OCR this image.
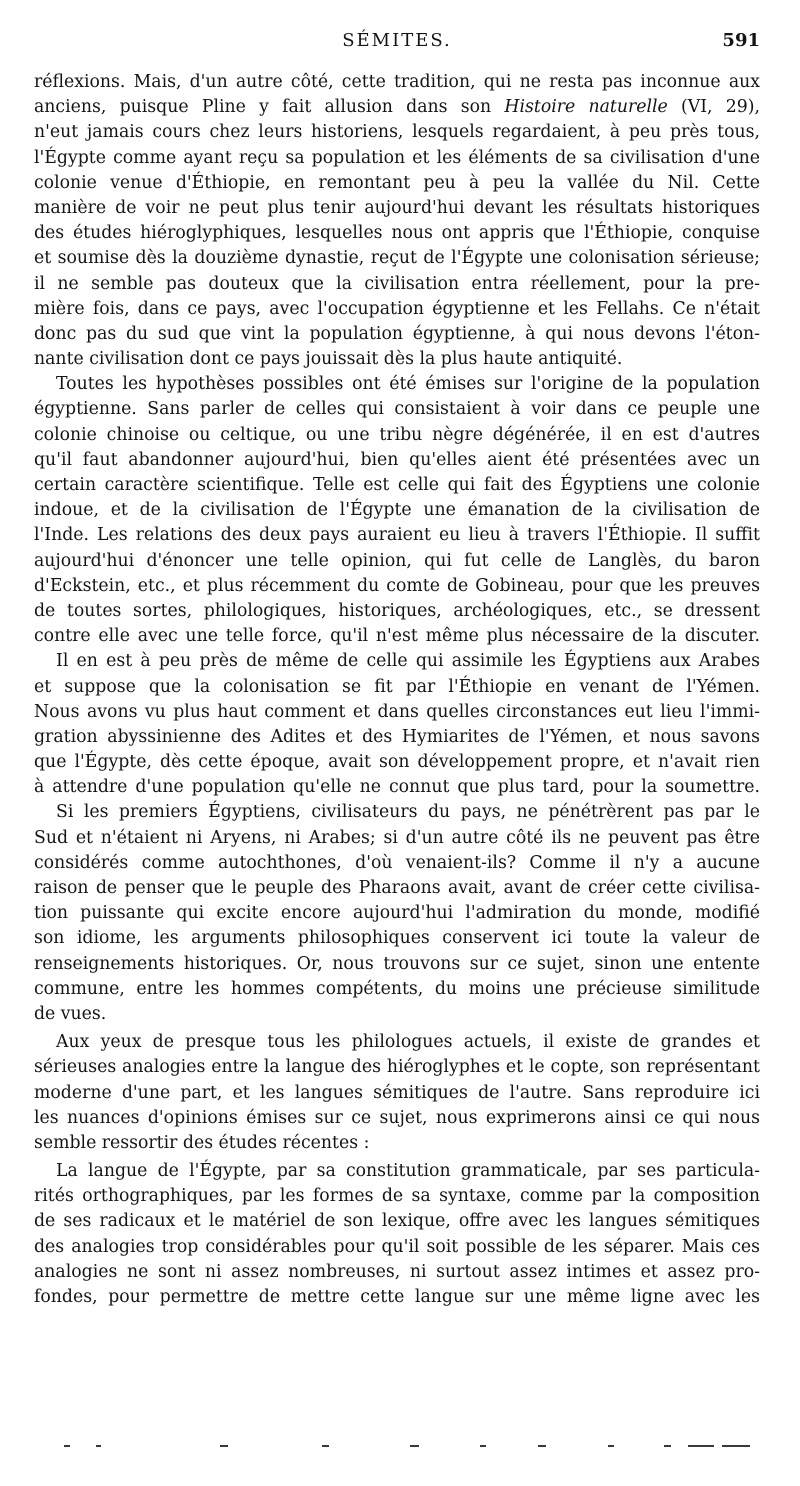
SÉMITES.	591
réflexions. Mais, d'un autre côté, cette tradition, qui ne resta pas inconnue aux
anciens, puisque Pline y fait allusion dans son Histoire naturelle (VI, 29),
n'eut jamais cours chez leurs historiens, lesquels regardaient, à peu près tous,
l'Égypte comme ayant reçu sa population et les éléments de sa civilisation d'une
colonie venue d'Éthiopie, en remontant peu à peu la vallée du Nil. Cette
manière de voir ne peut plus tenir aujourd'hui devant les résultats historiques
des études hiéroglyphiques, lesquelles nous ont appris que l'Éthiopie, conquise
et soumise dès la douzième dynastie, reçut de l'Égypte une colonisation sérieuse;
il ne semble pas douteux que la civilisation entra réellement, pour la pre-
mière fois, dans ce pays, avec l'occupation égyptienne et les Fellahs. Ce n'était
donc pas du sud que vint la population égyptienne, à qui nous devons l'éton-
nante civilisation dont ce pays jouissait dès la plus haute antiquité.
Toutes les hypothèses possibles ont été émises sur l'origine de la population
égyptienne. Sans parler de celles qui consistaient à voir dans ce peuple une
colonie chinoise ou celtique, ou une tribu nègre dégénérée, il en est d'autres
qu'il faut abandonner aujourd'hui, bien qu'elles aient été présentées avec un
certain caractère scientifique. Telle est celle qui fait des Égyptiens une colonie
indoue, et de la civilisation de l'Égypte une émanation de la civilisation de
l'Inde. Les relations des deux pays auraient eu lieu à travers l'Éthiopie. Il suffit
aujourd'hui d'énoncer une telle opinion, qui fut celle de Langlès, du baron
d'Eckstein, etc., et plus récemment du comte de Gobineau, pour que les preuves
de toutes sortes, philologiques, historiques, archéologiques, etc., se dressent
contre elle avec une telle force, qu'il n'est même plus nécessaire de la discuter.
Il en est à peu près de même de celle qui assimile les Égyptiens aux Arabes
et suppose que la colonisation se fit par l'Éthiopie en venant de l'Yémen.
Nous avons vu plus haut comment et dans quelles circonstances eut lieu l'immi-
gration abyssinienne des Adites et des Hymiarites de l'Yémen, et nous savons
que l'Égypte, dès cette époque, avait son développement propre, et n'avait rien
à attendre d'une population qu'elle ne connut que plus tard, pour la soumettre.
Si les premiers Égyptiens, civilisateurs du pays, ne pénétrèrent pas par le
Sud et n'étaient ni Aryens, ni Arabes; si d'un autre côté ils ne peuvent pas être
considérés comme autochthones, d'où venaient-ils? Comme il n'y a aucune
raison de penser que le peuple des Pharaons avait, avant de créer cette civilisa-
tion puissante qui excite encore aujourd'hui l'admiration du monde, modifié
son idiome, les arguments philosophiques conservent ici toute la valeur de
renseignements historiques. Or, nous trouvons sur ce sujet, sinon une entente
commune, entre les hommes compétents, du moins une précieuse similitude
de vues.
Aux yeux de presque tous les philologues actuels, il existe de grandes et
sérieuses analogies entre la langue des hiéroglyphes et le copte, son représentant
moderne d'une part, et les langues sémitiques de l'autre. Sans reproduire ici
les nuances d'opinions émises sur ce sujet, nous exprimerons ainsi ce qui nous
semble ressortir des études récentes :
La langue de l'Égypte, par sa constitution grammaticale, par ses particula-
rités orthographiques, par les formes de sa syntaxe, comme par la composition
de ses radicaux et le matériel de son lexique, offre avec les langues sémitiques
des analogies trop considérables pour qu'il soit possible de les séparer. Mais ces
analogies ne sont ni assez nombreuses, ni surtout assez intimes et assez pro-
fondes, pour permettre de mettre cette langue sur une même ligne avec les
